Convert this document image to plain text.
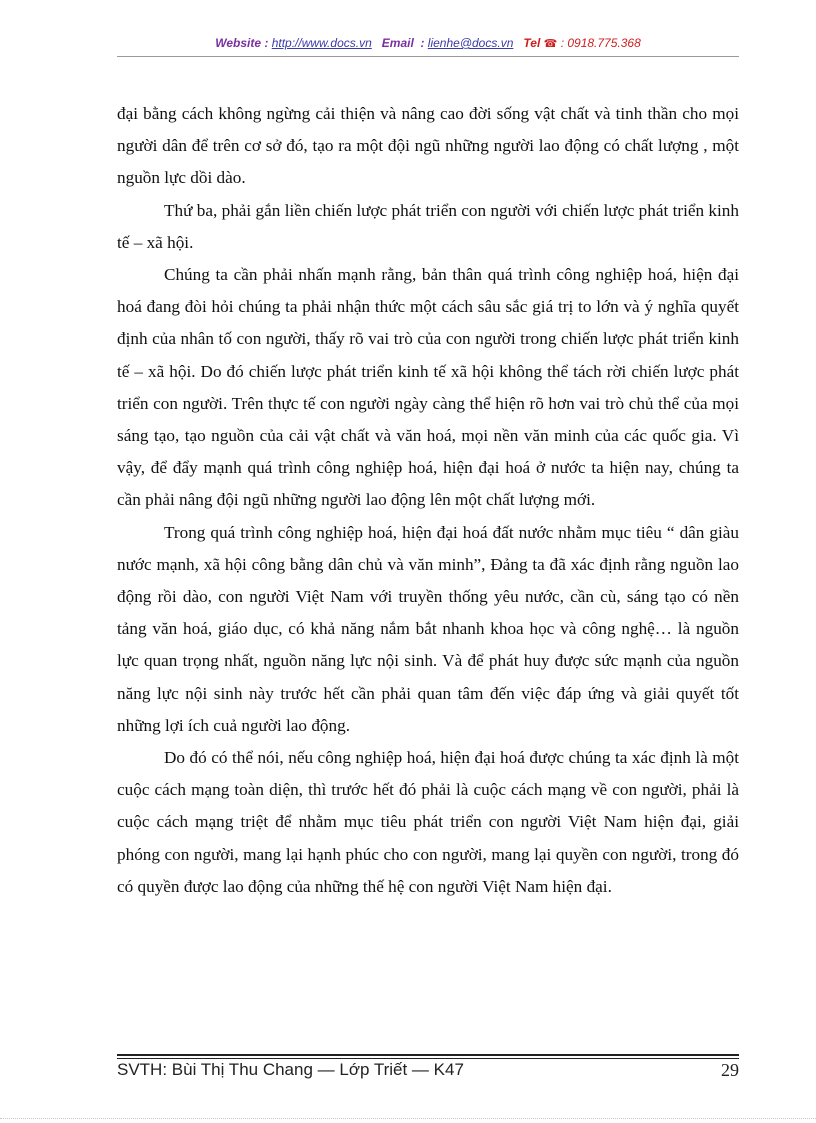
Website : http://www.docs.vn Email : lienhe@docs.vn Tel ☎ : 0918.775.368

đại bằng cách không ngừng cải thiện và nâng cao đời sống vật chất và tinh thần cho mọi người dân để trên cơ sở đó, tạo ra một đội ngũ những người lao động có chất lượng , một nguồn lực dồi dào.

Thứ ba, phải gắn liền chiến lược phát triển con người với chiến lược phát triển kinh tế – xã hội.

Chúng ta cần phải nhấn mạnh rằng, bản thân quá trình công nghiệp hoá, hiện đại hoá đang đòi hỏi chúng ta phải nhận thức một cách sâu sắc giá trị to lớn và ý nghĩa quyết định của nhân tố con người, thấy rõ vai trò của con người trong chiến lược phát triển kinh tế – xã hội. Do đó chiến lược phát triển kinh tế xã hội không thể tách rời chiến lược phát triển con người. Trên thực tế con người ngày càng thể hiện rõ hơn vai trò chủ thể của mọi sáng tạo, tạo nguồn của cải vật chất và văn hoá, mọi nền văn minh của các quốc gia. Vì vậy, để đẩy mạnh quá trình công nghiệp hoá, hiện đại hoá ở nước ta hiện nay, chúng ta cần phải nâng đội ngũ những người lao động lên một chất lượng mới.

Trong quá trình công nghiệp hoá, hiện đại hoá đất nước nhằm mục tiêu “ dân giàu nước mạnh, xã hội công bằng dân chủ và văn minh”, Đảng ta đã xác định rằng nguồn lao động rồi dào, con người Việt Nam với truyền thống yêu nước, cần cù, sáng tạo có nền tảng văn hoá, giáo dục, có khả năng nắm bắt nhanh khoa học và công nghệ… là nguồn lực quan trọng nhất, nguồn năng lực nội sinh. Và để phát huy được sức mạnh của nguồn năng lực nội sinh này trước hết cần phải quan tâm đến việc đáp ứng và giải quyết tốt những lợi ích cuả người lao động.

Do đó có thể nói, nếu công nghiệp hoá, hiện đại hoá được chúng ta xác định là một cuộc cách mạng toàn diện, thì trước hết đó phải là cuộc cách mạng về con người, phải là cuộc cách mạng triệt để nhằm mục tiêu phát triển con người Việt Nam hiện đại, giải phóng con người, mang lại hạnh phúc cho con người, mang lại quyền con người, trong đó có quyền được lao động của những thế hệ con người Việt Nam hiện đại.

SVTH: Bùi Thị Thu Chang — Lớp Triết — K47	29
